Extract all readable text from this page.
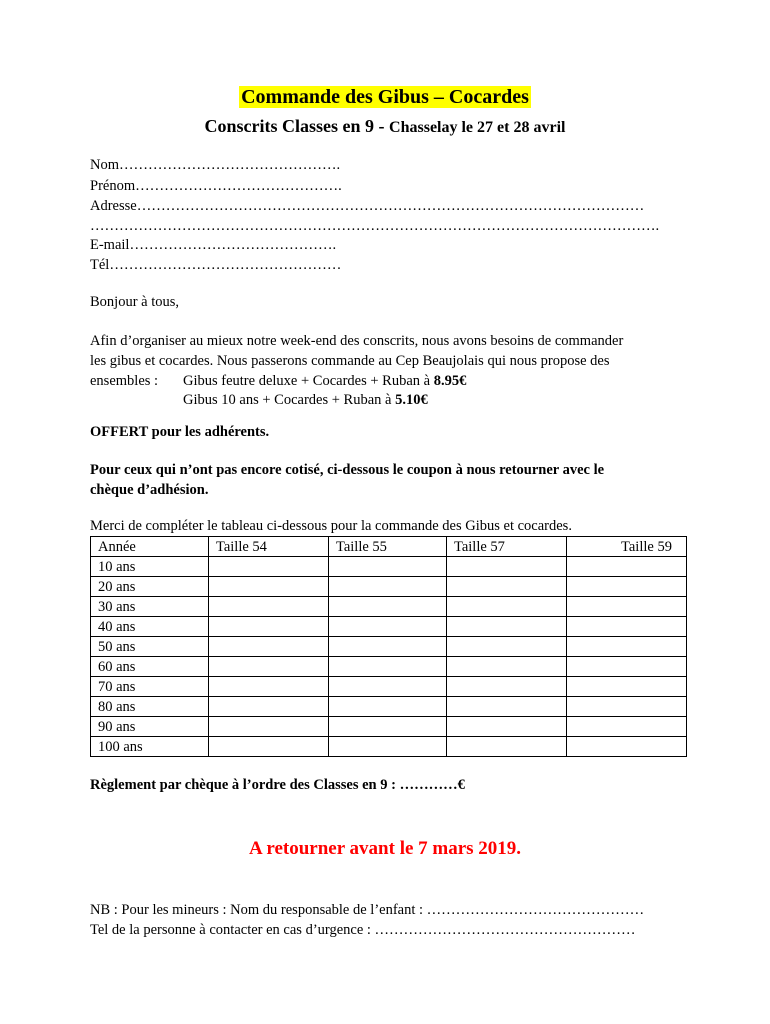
Commande des Gibus – Cocardes
Conscrits Classes en 9 - Chasselay le 27 et 28 avril
Nom……………………………………….
Prénom…………………………………….
Adresse……………………………………………………………………………………………
……………………………………………………………………………………………………….
E-mail…………………………………….
Tél…………………………………………
Bonjour à tous,
Afin d’organiser au mieux notre week-end des conscrits, nous avons besoins de commander
les gibus et cocardes. Nous passerons commande au Cep Beaujolais qui nous propose des
ensembles : Gibus feutre deluxe + Cocardes + Ruban à 8.95€
Gibus 10 ans + Cocardes + Ruban à 5.10€
OFFERT pour les adhérents.
Pour ceux qui n’ont pas encore cotisé, ci-dessous le coupon à nous retourner avec le
chèque d’adhésion.
Merci de compléter le tableau ci-dessous pour la commande des Gibus et cocardes.
Année	Taille 54	Taille 55	Taille 57	Taille 59
10 ans				
20 ans				
30 ans				
40 ans				
50 ans				
60 ans				
70 ans				
80 ans				
90 ans				
100 ans				
Règlement par chèque à l’ordre des Classes en 9 : …………€
A retourner avant le 7 mars 2019.
NB : Pour les mineurs : Nom du responsable de l’enfant : ………………………………………
Tel de la personne à contacter en cas d’urgence : ………………………………………………
